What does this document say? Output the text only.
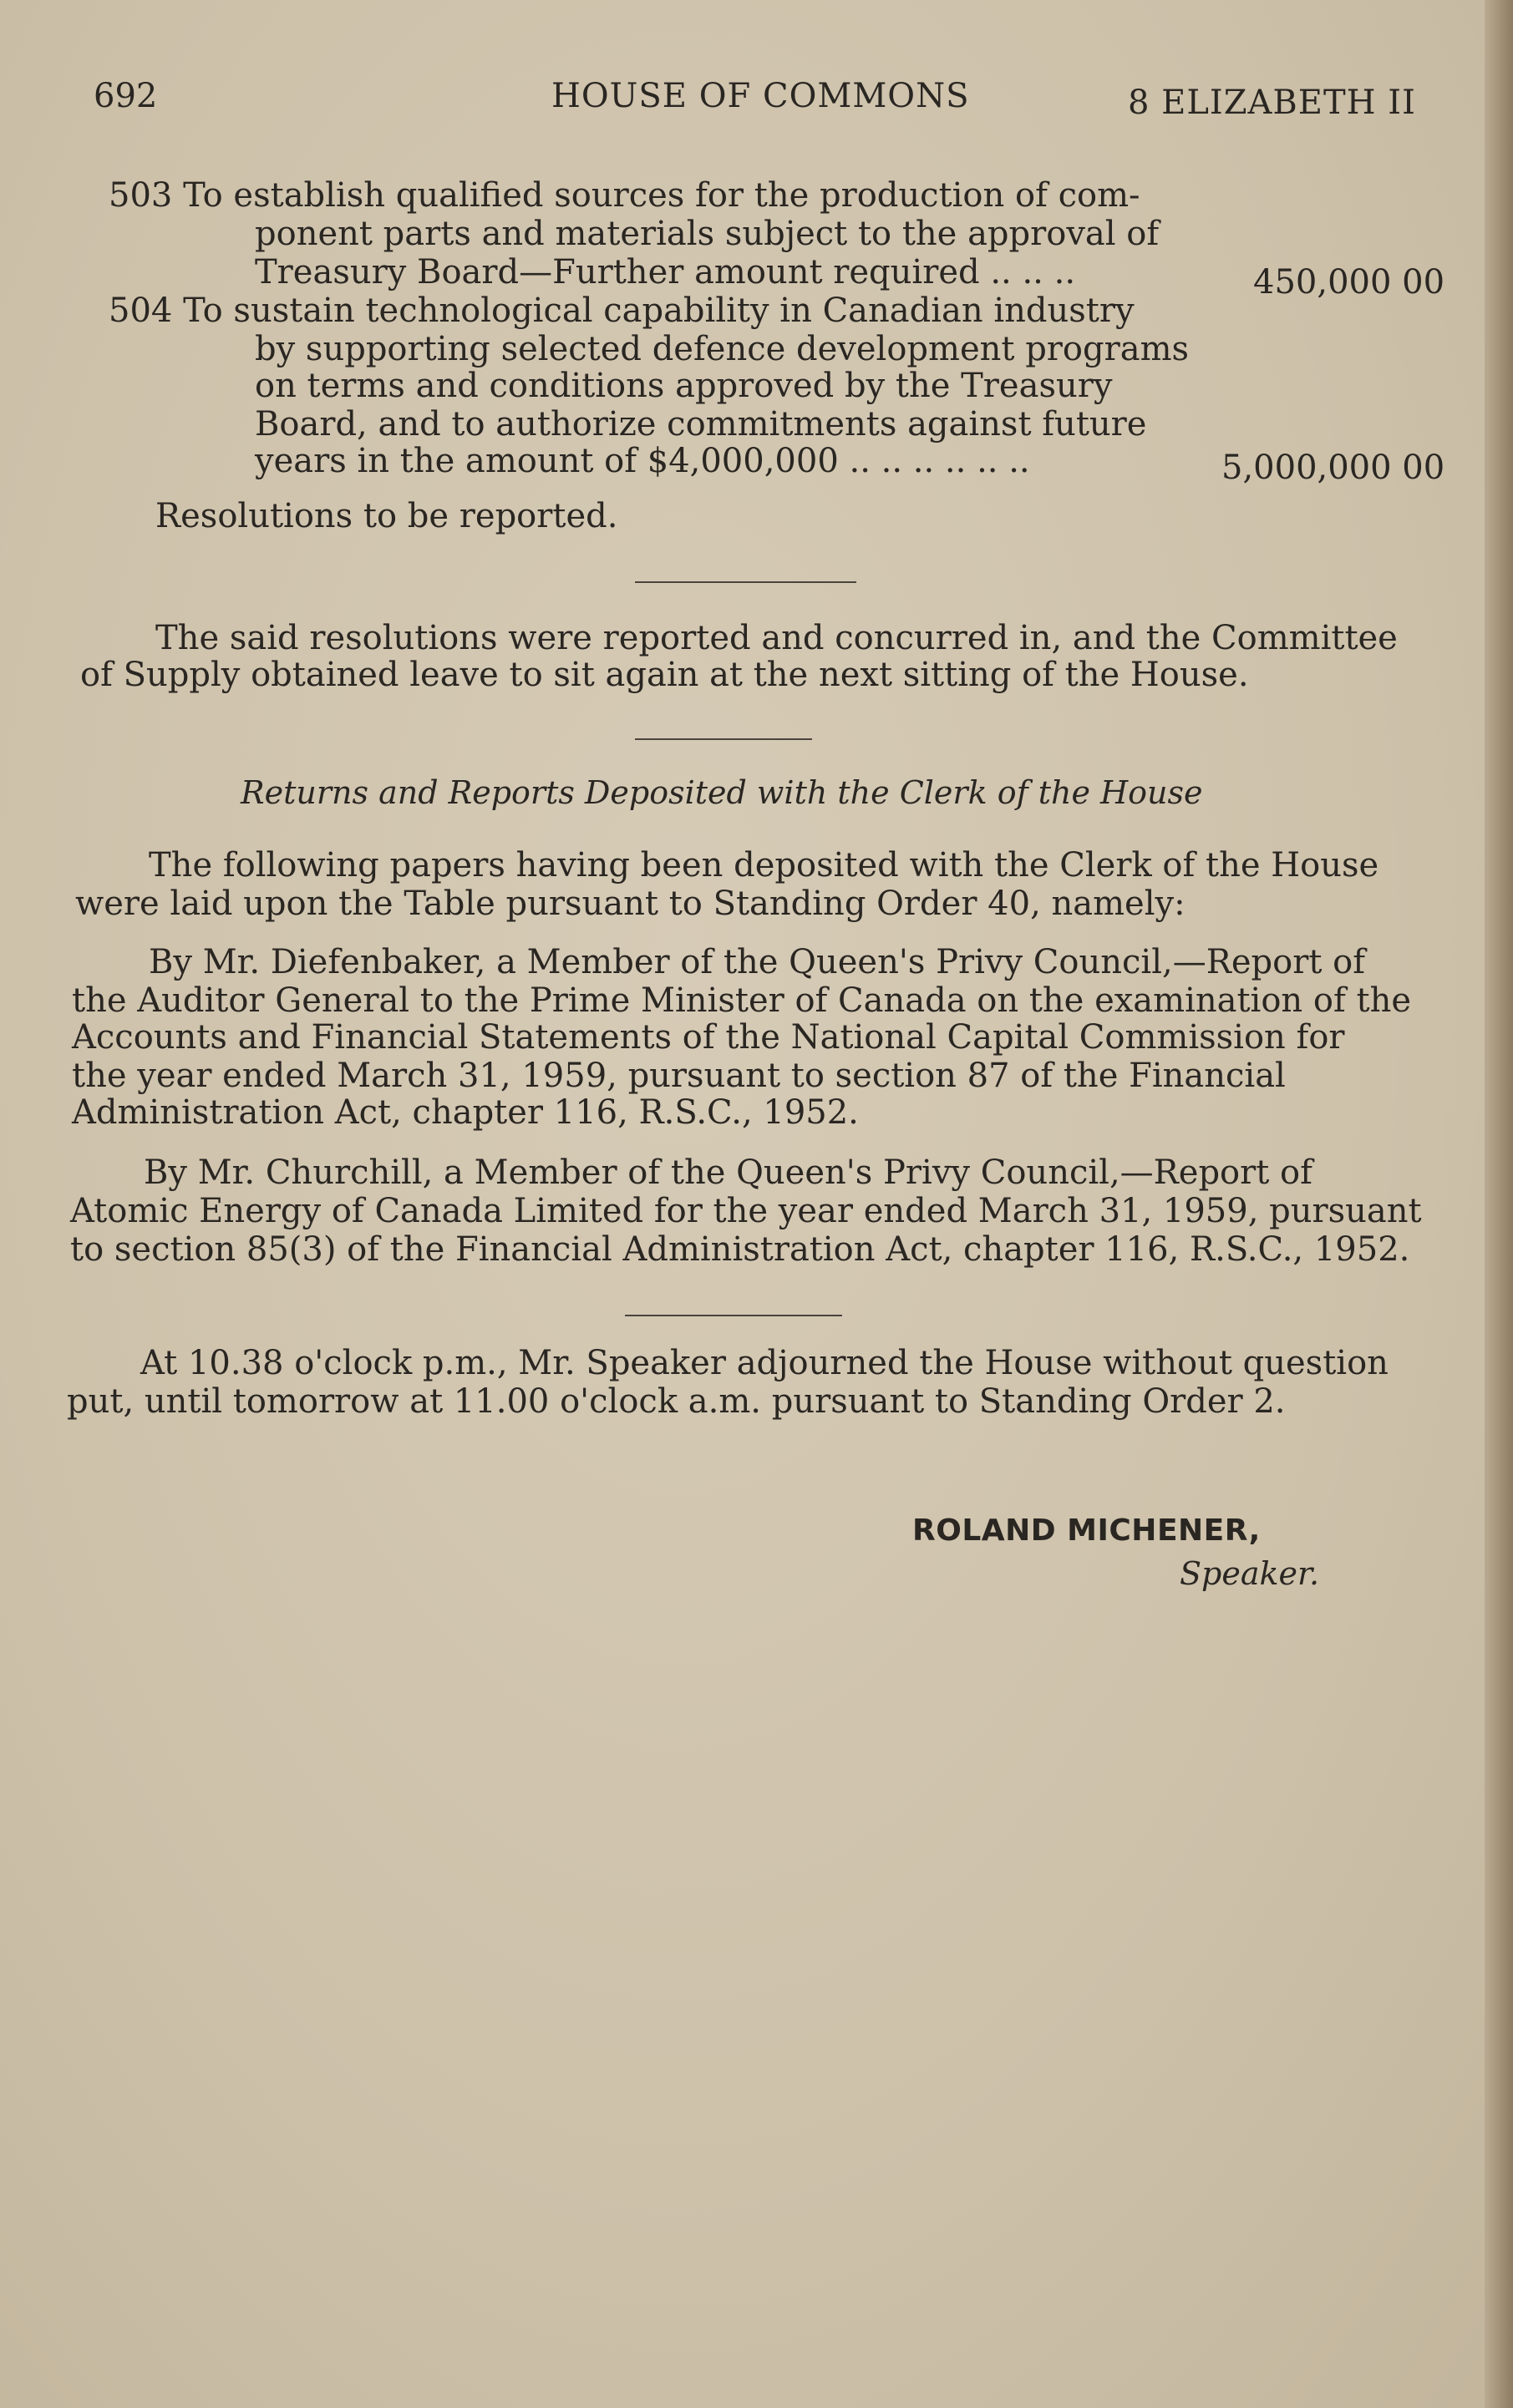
692	HOUSE OF COMMONS	8 ELIZABETH II
503 To establish qualified sources for the production of com-
ponent parts and materials subject to the approval of
Treasury Board—Further amount required .. .. ..	450,000 00
504 To sustain technological capability in Canadian industry
by supporting selected defence development programs
on terms and conditions approved by the Treasury
Board, and to authorize commitments against future
years in the amount of $4,000,000 .. .. .. .. .. ..	5,000,000 00
Resolutions to be reported.
The said resolutions were reported and concurred in, and the Committee
of Supply obtained leave to sit again at the next sitting of the House.
Returns and Reports Deposited with the Clerk of the House
The following papers having been deposited with the Clerk of the House
were laid upon the Table pursuant to Standing Order 40, namely:
By Mr. Diefenbaker, a Member of the Queen's Privy Council,—Report of
the Auditor General to the Prime Minister of Canada on the examination of the
Accounts and Financial Statements of the National Capital Commission for
the year ended March 31, 1959, pursuant to section 87 of the Financial
Administration Act, chapter 116, R.S.C., 1952.
By Mr. Churchill, a Member of the Queen's Privy Council,—Report of
Atomic Energy of Canada Limited for the year ended March 31, 1959, pursuant
to section 85(3) of the Financial Administration Act, chapter 116, R.S.C., 1952.
At 10.38 o'clock p.m., Mr. Speaker adjourned the House without question
put, until tomorrow at 11.00 o'clock a.m. pursuant to Standing Order 2.
ROLAND MICHENER,
Speaker.
